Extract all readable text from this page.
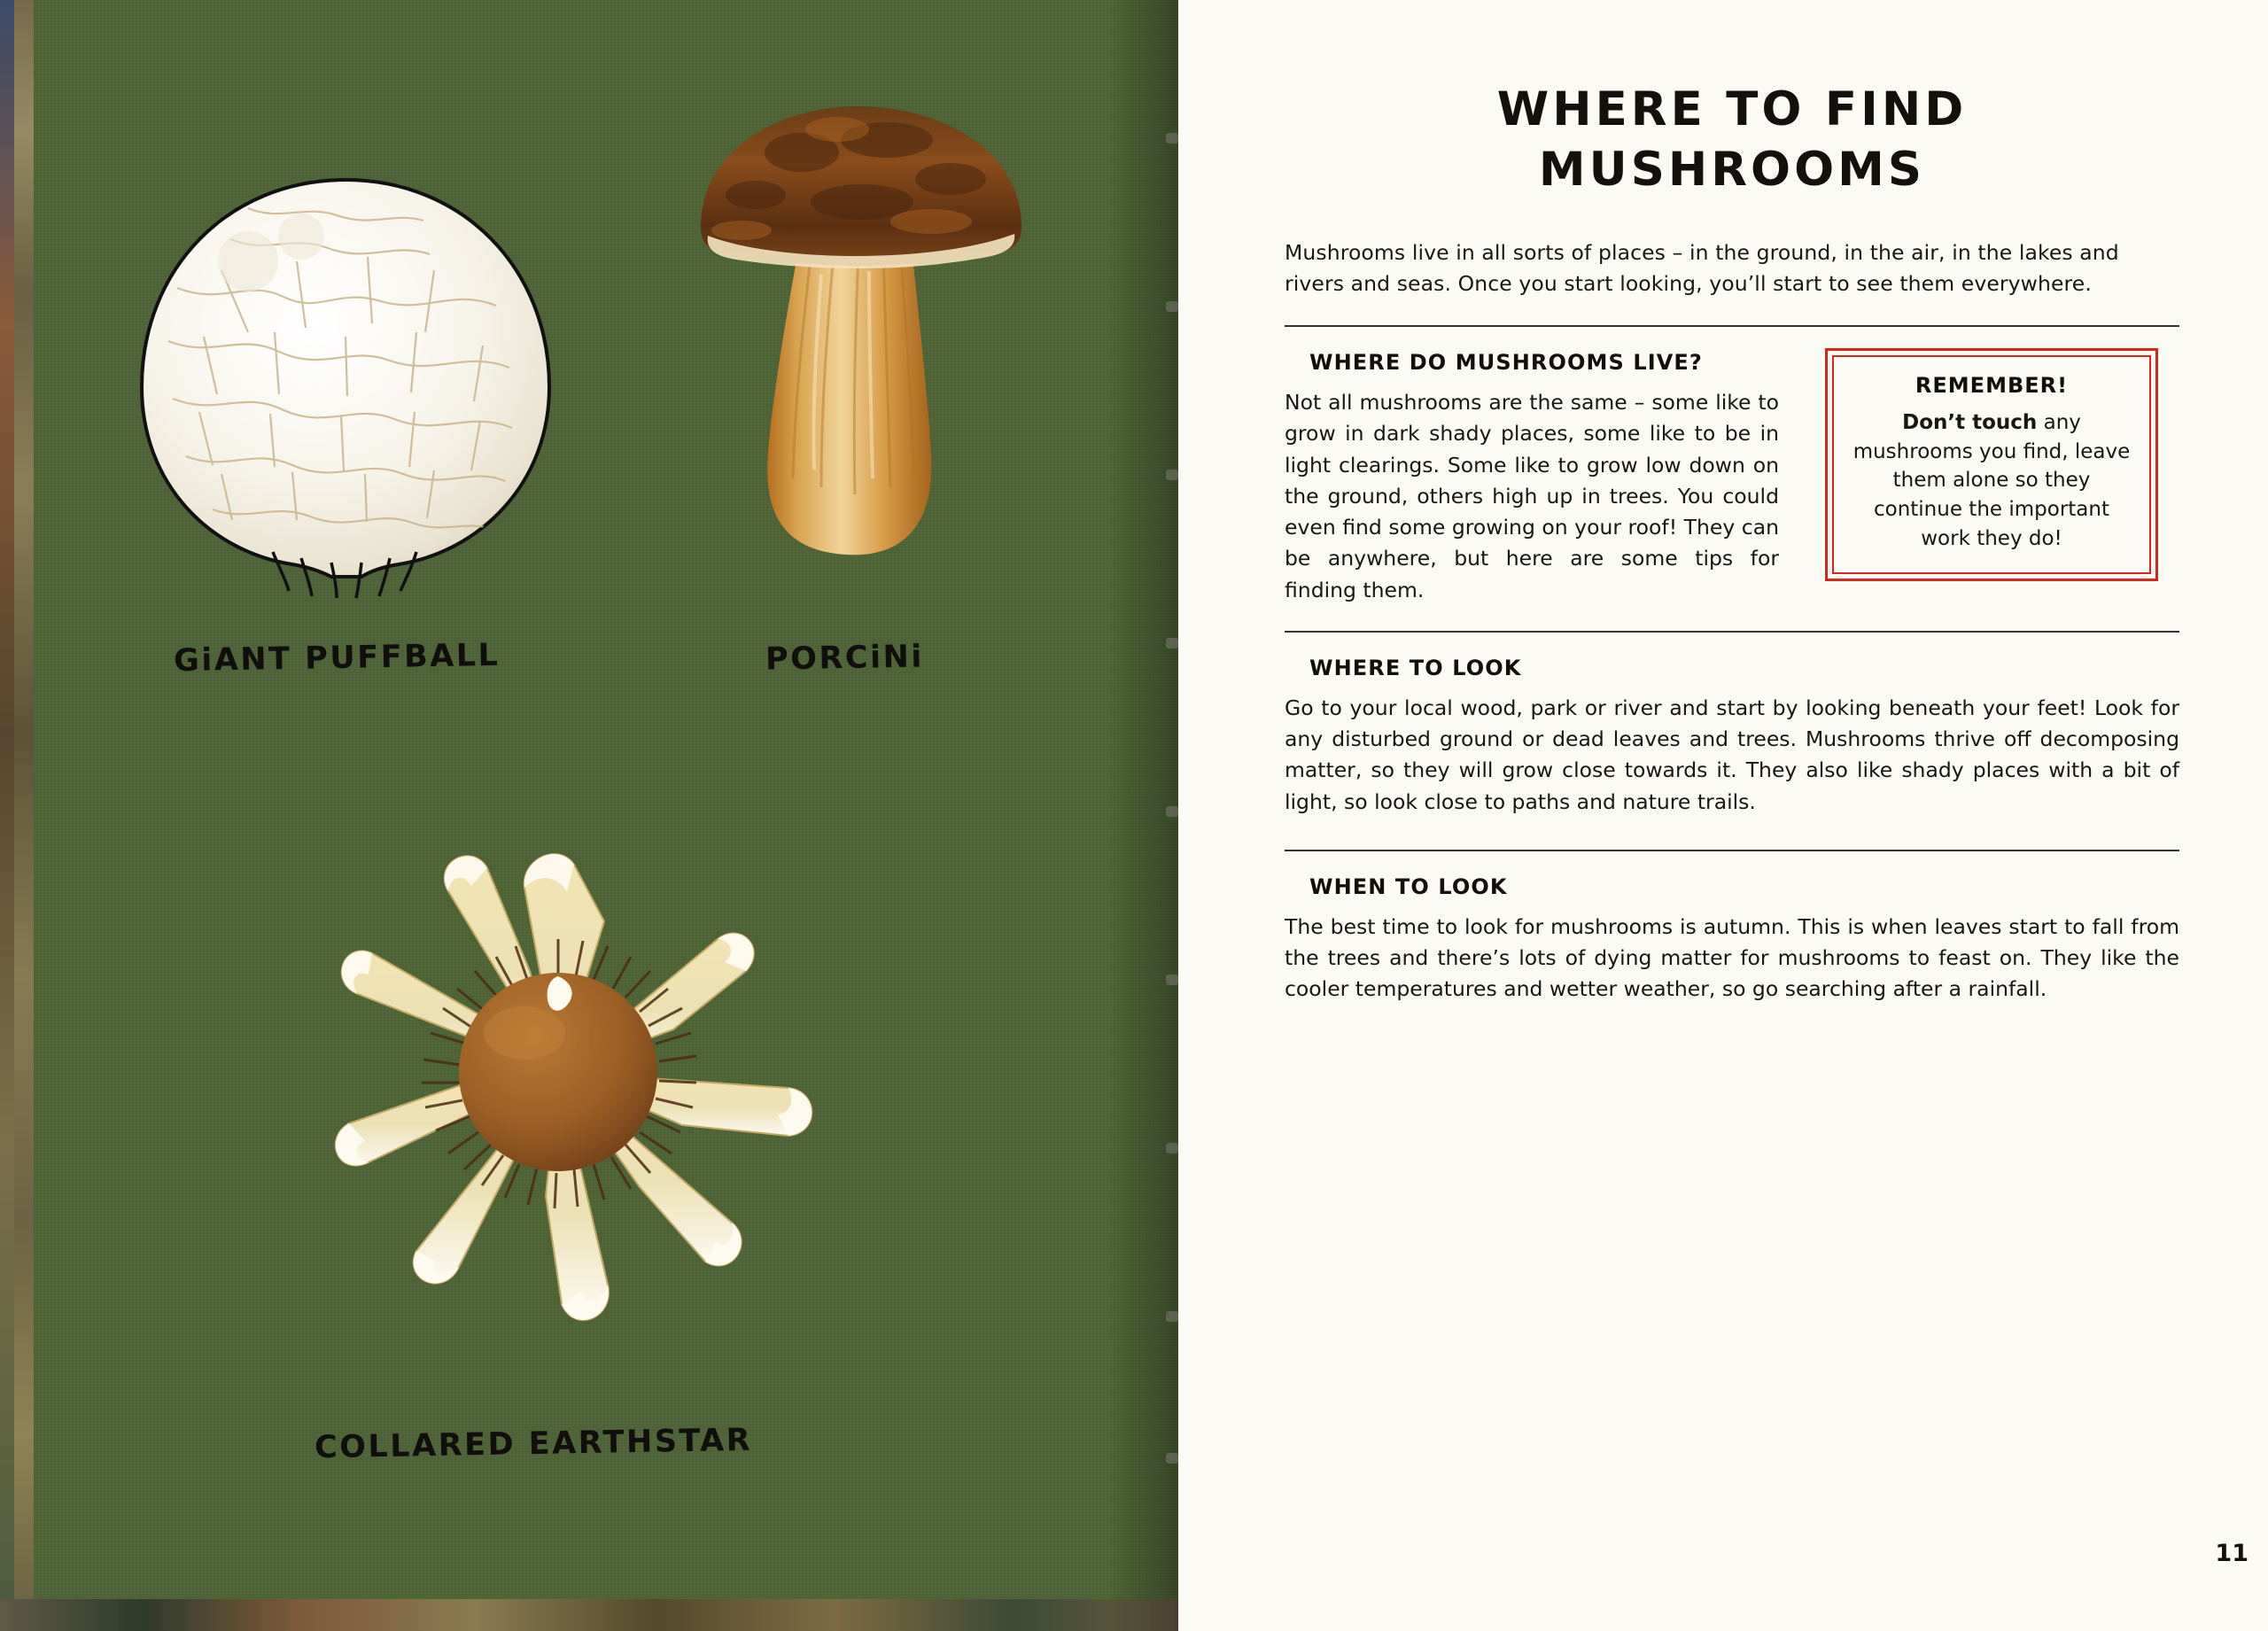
GiANT PUFFBALL	PORCiNi
COLLARED EARTHSTAR
WHERE TO FIND
MUSHROOMS

Mushrooms live in all sorts of places – in the ground, in the air, in the lakes and rivers and seas. Once you start looking, you’ll start to see them everywhere.

WHERE DO MUSHROOMS LIVE?
Not all mushrooms are the same – some like to grow in dark shady places, some like to be in light clearings. Some like to grow low down on the ground, others high up in trees. You could even find some growing on your roof! They can be anywhere, but here are some tips for finding them.
REMEMBER!
Don’t touch any mushrooms you find, leave them alone so they continue the important work they do!
WHERE TO LOOK
Go to your local wood, park or river and start by looking beneath your feet! Look for any disturbed ground or dead leaves and trees. Mushrooms thrive off decomposing matter, so they will grow close towards it. They also like shady places with a bit of light, so look close to paths and nature trails.
WHEN TO LOOK
The best time to look for mushrooms is autumn. This is when leaves start to fall from the trees and there’s lots of dying matter for mushrooms to feast on. They like the cooler temperatures and wetter weather, so go searching after a rainfall.
11
